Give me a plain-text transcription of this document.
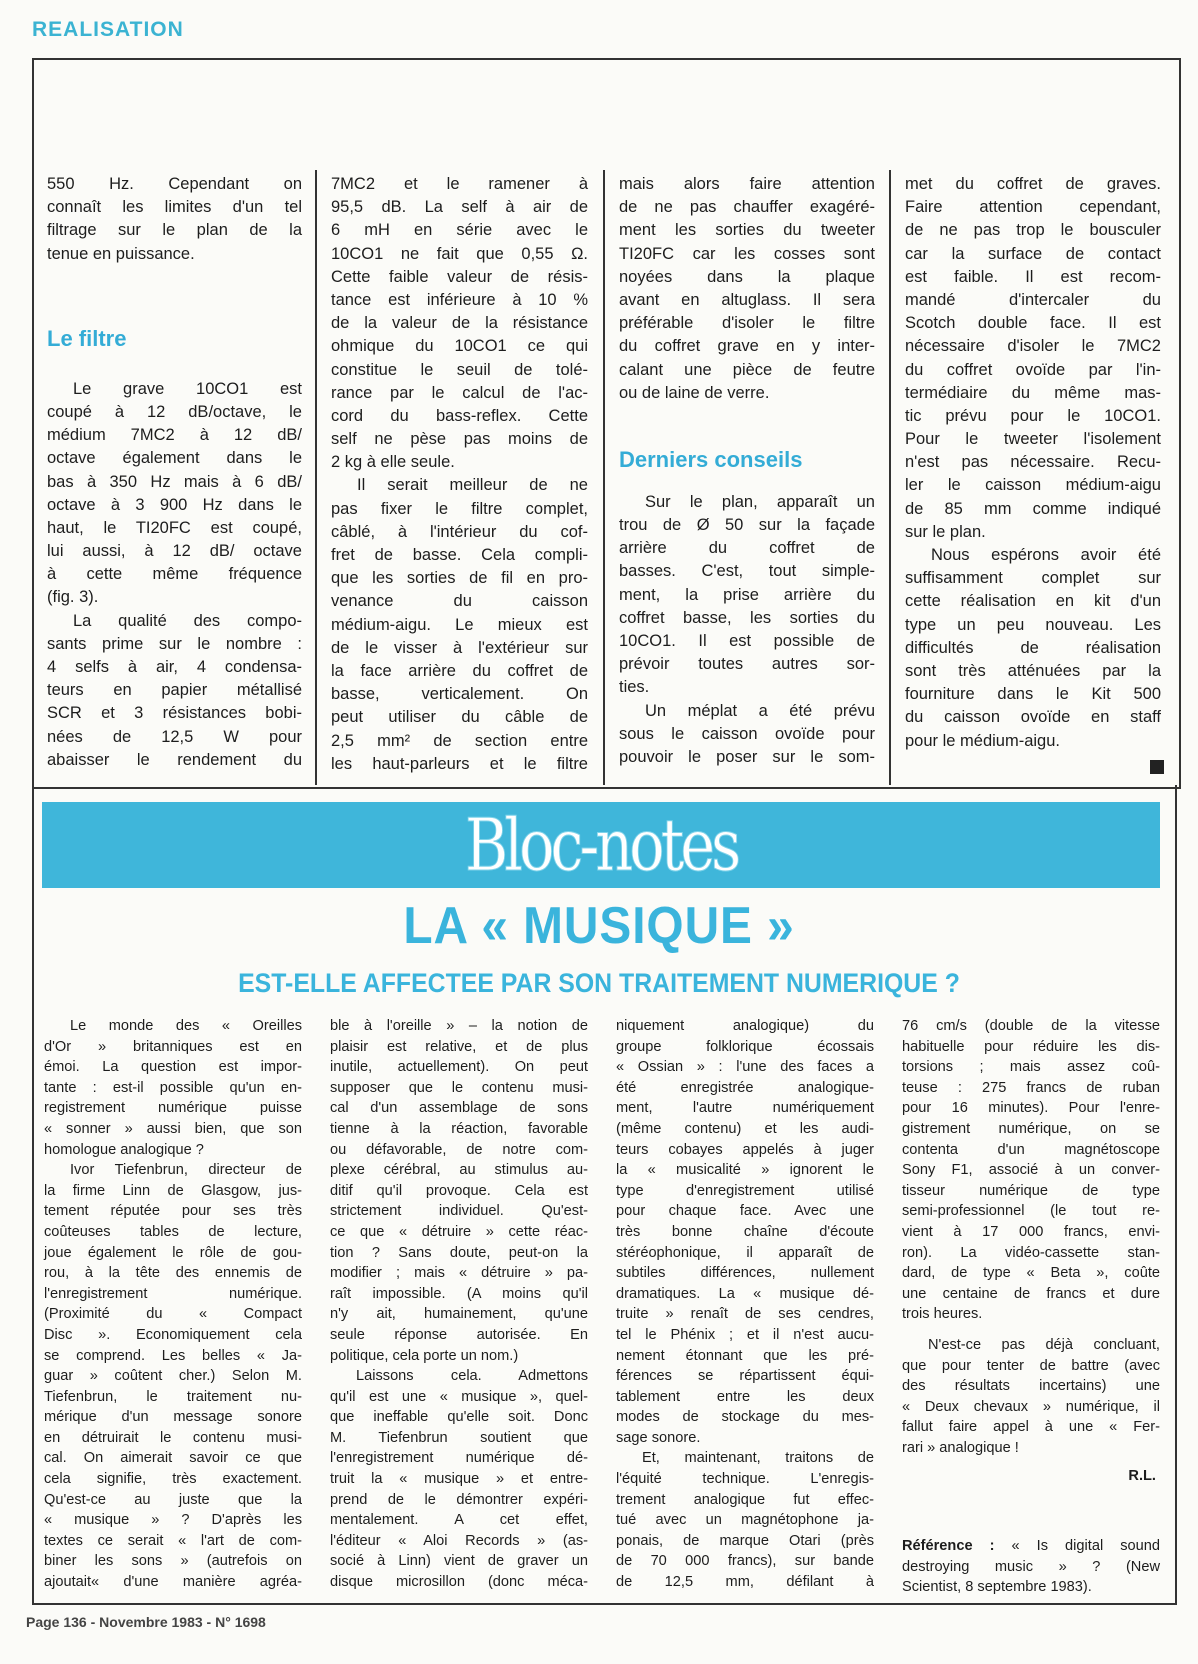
REALISATION
550 Hz. Cependant on
connaît les limites d'un tel
filtrage sur le plan de la
tenue en puissance.
Le filtre
Le grave 10CO1 est
coupé à 12 dB/octave, le
médium 7MC2 à 12 dB/
octave également dans le
bas à 350 Hz mais à 6 dB/
octave à 3 900 Hz dans le
haut, le TI20FC est coupé,
lui aussi, à 12 dB/ octave
à cette même fréquence
(fig. 3).
La qualité des compo-
sants prime sur le nombre :
4 selfs à air, 4 condensa-
teurs en papier métallisé
SCR et 3 résistances bobi-
nées de 12,5 W pour
abaisser le rendement du
7MC2 et le ramener à
95,5 dB. La self à air de
6 mH en série avec le
10CO1 ne fait que 0,55 Ω.
Cette faible valeur de résis-
tance est inférieure à 10 %
de la valeur de la résistance
ohmique du 10CO1 ce qui
constitue le seuil de tolé-
rance par le calcul de l'ac-
cord du bass-reflex. Cette
self ne pèse pas moins de
2 kg à elle seule.
Il serait meilleur de ne
pas fixer le filtre complet,
câblé, à l'intérieur du cof-
fret de basse. Cela compli-
que les sorties de fil en pro-
venance du caisson
médium-aigu. Le mieux est
de le visser à l'extérieur sur
la face arrière du coffret de
basse, verticalement. On
peut utiliser du câble de
2,5 mm² de section entre
les haut-parleurs et le filtre
mais alors faire attention
de ne pas chauffer exagéré-
ment les sorties du tweeter
TI20FC car les cosses sont
noyées dans la plaque
avant en altuglass. Il sera
préférable d'isoler le filtre
du coffret grave en y inter-
calant une pièce de feutre
ou de laine de verre.
Derniers conseils
Sur le plan, apparaît un
trou de Ø 50 sur la façade
arrière du coffret de
basses. C'est, tout simple-
ment, la prise arrière du
coffret basse, les sorties du
10CO1. Il est possible de
prévoir toutes autres sor-
ties.
Un méplat a été prévu
sous le caisson ovoïde pour
pouvoir le poser sur le som-
met du coffret de graves.
Faire attention cependant,
de ne pas trop le bousculer
car la surface de contact
est faible. Il est recom-
mandé d'intercaler du
Scotch double face. Il est
nécessaire d'isoler le 7MC2
du coffret ovoïde par l'in-
termédiaire du même mas-
tic prévu pour le 10CO1.
Pour le tweeter l'isolement
n'est pas nécessaire. Recu-
ler le caisson médium-aigu
de 85 mm comme indiqué
sur le plan.
Nous espérons avoir été
suffisamment complet sur
cette réalisation en kit d'un
type un peu nouveau. Les
difficultés de réalisation
sont très atténuées par la
fourniture dans le Kit 500
du caisson ovoïde en staff
pour le médium-aigu.
Bloc-notes
LA « MUSIQUE »
EST-ELLE AFFECTEE PAR SON TRAITEMENT NUMERIQUE ?
Le monde des « Oreilles
d'Or » britanniques est en
émoi. La question est impor-
tante : est-il possible qu'un en-
registrement numérique puisse
« sonner » aussi bien, que son
homologue analogique ?
Ivor Tiefenbrun, directeur de
la firme Linn de Glasgow, jus-
tement réputée pour ses très
coûteuses tables de lecture,
joue également le rôle de gou-
rou, à la tête des ennemis de
l'enregistrement numérique.
(Proximité du « Compact
Disc ». Economiquement cela
se comprend. Les belles « Ja-
guar » coûtent cher.) Selon M.
Tiefenbrun, le traitement nu-
mérique d'un message sonore
en détruirait le contenu musi-
cal. On aimerait savoir ce que
cela signifie, très exactement.
Qu'est-ce au juste que la
« musique » ? D'après les
textes ce serait « l'art de com-
biner les sons » (autrefois on
ajoutait« d'une manière agréa-
ble à l'oreille » – la notion de
plaisir est relative, et de plus
inutile, actuellement). On peut
supposer que le contenu musi-
cal d'un assemblage de sons
tienne à la réaction, favorable
ou défavorable, de notre com-
plexe cérébral, au stimulus au-
ditif qu'il provoque. Cela est
strictement individuel. Qu'est-
ce que « détruire » cette réac-
tion ? Sans doute, peut-on la
modifier ; mais « détruire » pa-
raît impossible. (A moins qu'il
n'y ait, humainement, qu'une
seule réponse autorisée. En
politique, cela porte un nom.)
Laissons cela. Admettons
qu'il est une « musique », quel-
que ineffable qu'elle soit. Donc
M. Tiefenbrun soutient que
l'enregistrement numérique dé-
truit la « musique » et entre-
prend de le démontrer expéri-
mentalement. A cet effet,
l'éditeur « Aloi Records » (as-
socié à Linn) vient de graver un
disque microsillon (donc méca-
niquement analogique) du
groupe folklorique écossais
« Ossian » : l'une des faces a
été enregistrée analogique-
ment, l'autre numériquement
(même contenu) et les audi-
teurs cobayes appelés à juger
la « musicalité » ignorent le
type d'enregistrement utilisé
pour chaque face. Avec une
très bonne chaîne d'écoute
stéréophonique, il apparaît de
subtiles différences, nullement
dramatiques. La « musique dé-
truite » renaît de ses cendres,
tel le Phénix ; et il n'est aucu-
nement étonnant que les pré-
férences se répartissent équi-
tablement entre les deux
modes de stockage du mes-
sage sonore.
Et, maintenant, traitons de
l'équité technique. L'enregis-
trement analogique fut effec-
tué avec un magnétophone ja-
ponais, de marque Otari (près
de 70 000 francs), sur bande
de 12,5 mm, défilant à
76 cm/s (double de la vitesse
habituelle pour réduire les dis-
torsions ; mais assez coû-
teuse : 275 francs de ruban
pour 16 minutes). Pour l'enre-
gistrement numérique, on se
contenta d'un magnétoscope
Sony F1, associé à un conver-
tisseur numérique de type
semi-professionnel (le tout re-
vient à 17 000 francs, envi-
ron). La vidéo-cassette stan-
dard, de type « Beta », coûte
une centaine de francs et dure
trois heures.
N'est-ce pas déjà concluant,
que pour tenter de battre (avec
des résultats incertains) une
« Deux chevaux » numérique, il
fallut faire appel à une « Fer-
rari » analogique !
R.L.
Référence : « Is digital sound
destroying music » ? (New
Scientist, 8 septembre 1983).
Page 136 - Novembre 1983 - N° 1698
